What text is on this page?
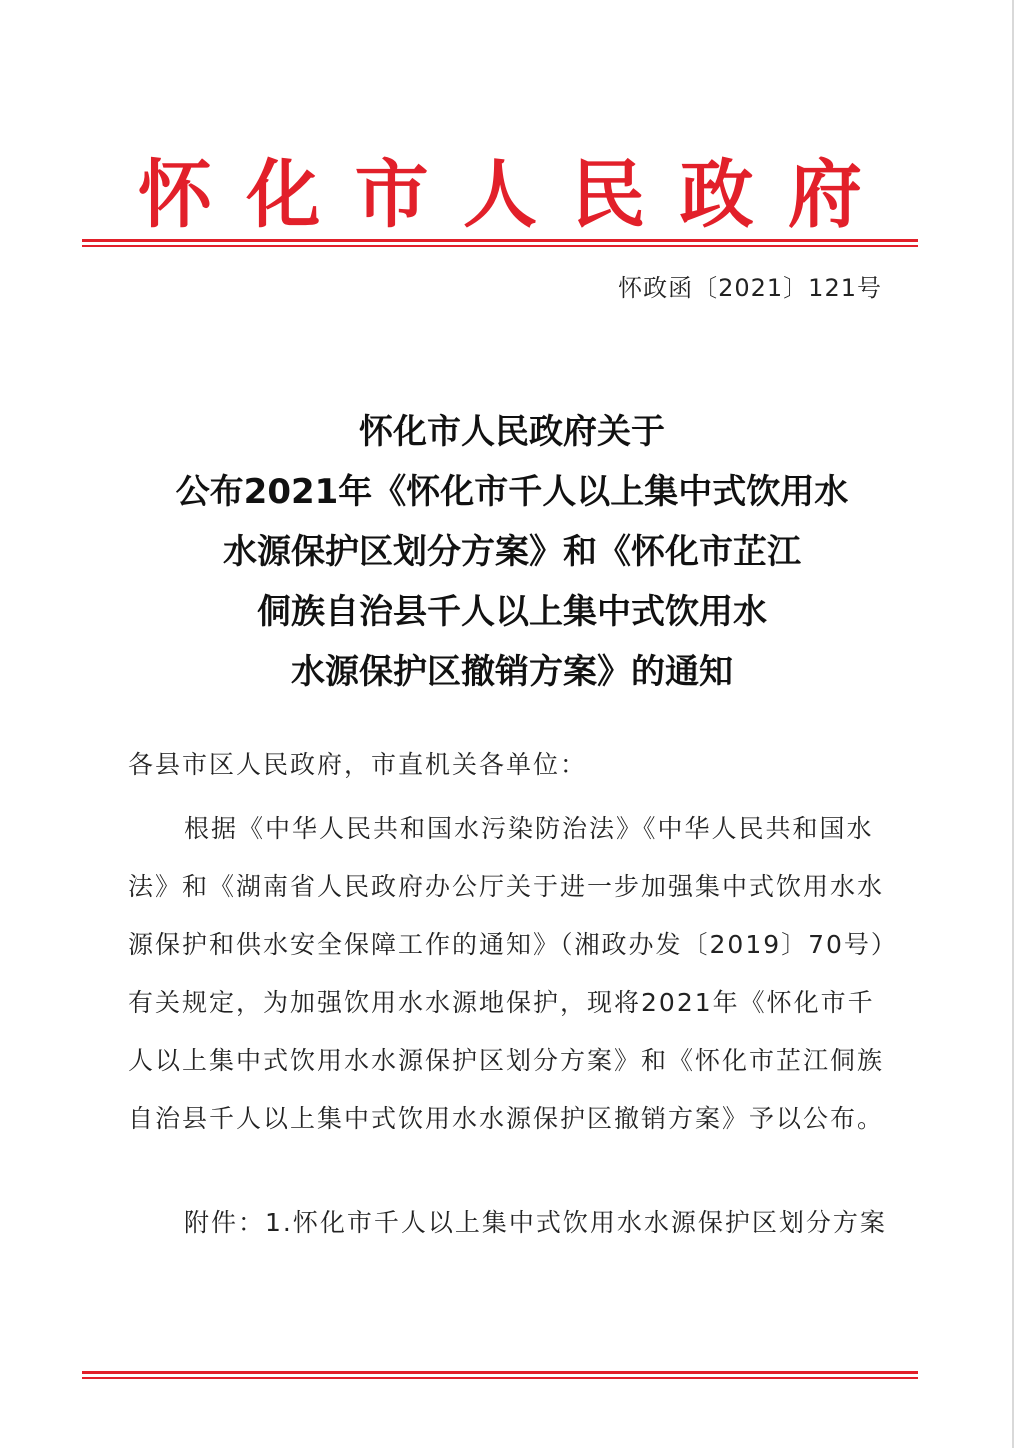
怀 化 市 人 民 政 府
怀政函〔2021〕121号
怀化市人民政府关于
公布2021年《怀化市千人以上集中式饮用水
水源保护区划分方案》和《怀化市芷江
侗族自治县千人以上集中式饮用水
水源保护区撤销方案》的通知
各县市区人民政府，市直机关各单位：
根据《中华人民共和国水污染防治法》《中华人民共和国水
法》和《湖南省人民政府办公厅关于进一步加强集中式饮用水水
源保护和供水安全保障工作的通知》（湘政办发〔2019〕70号）
有关规定，为加强饮用水水源地保护，现将2021年《怀化市千
人以上集中式饮用水水源保护区划分方案》和《怀化市芷江侗族
自治县千人以上集中式饮用水水源保护区撤销方案》予以公布。
附件：1.怀化市千人以上集中式饮用水水源保护区划分方案
